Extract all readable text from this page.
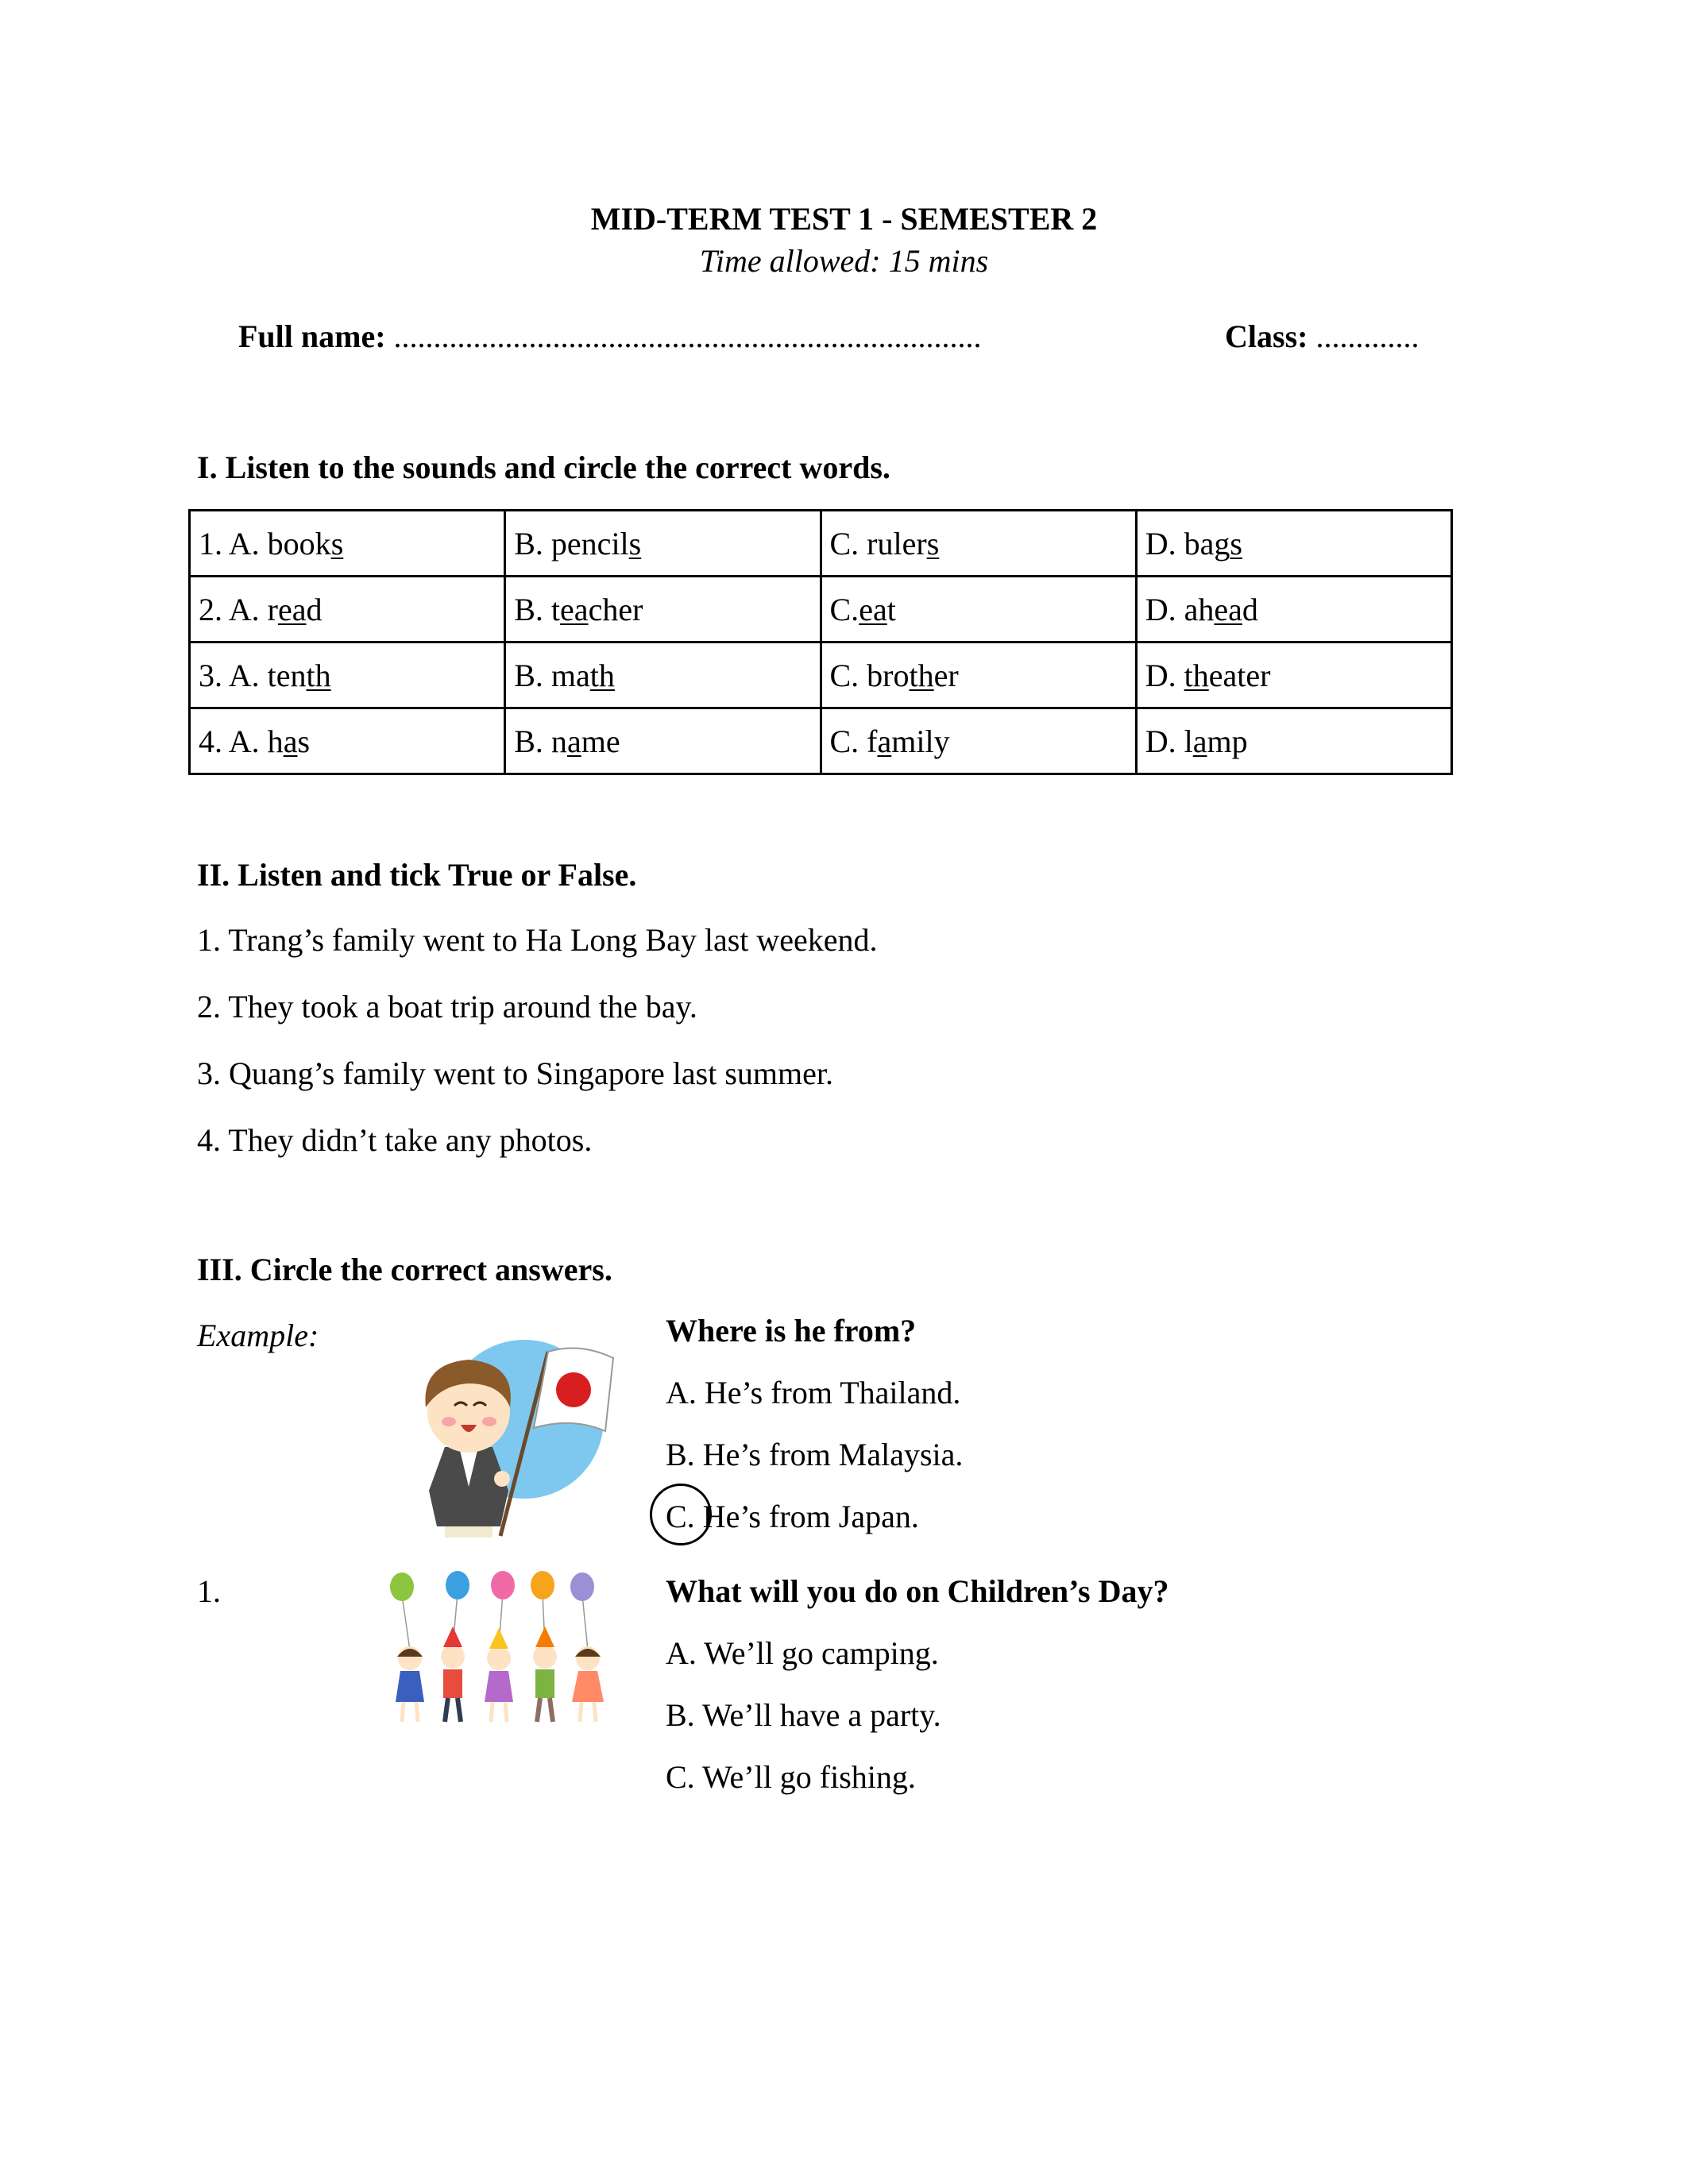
MID-TERM TEST 1 - SEMESTER 2
Time allowed: 15 mins
Full name: ..........................................................................	Class: .............
I. Listen to the sounds and circle the correct words.
1. A. books	B. pencils	C. rulers	D. bags
2. A. read	B. teacher	C.eat	D. ahead
3. A. tenth	B. math	C. brother	D. theater
4. A. has	B. name	C. family	D. lamp
II. Listen and tick True or False.
1. Trang’s family went to Ha Long Bay last weekend.
2. They took a boat trip around the bay.
3. Quang’s family went to Singapore last summer.
4. They didn’t take any photos.
III. Circle the correct answers.
Example:	Where is he from?
A. He’s from Thailand.
B. He’s from Malaysia.
C. He’s from Japan.
1.	What will you do on Children’s Day?
A. We’ll go camping.
B. We’ll have a party.
C. We’ll go fishing.
